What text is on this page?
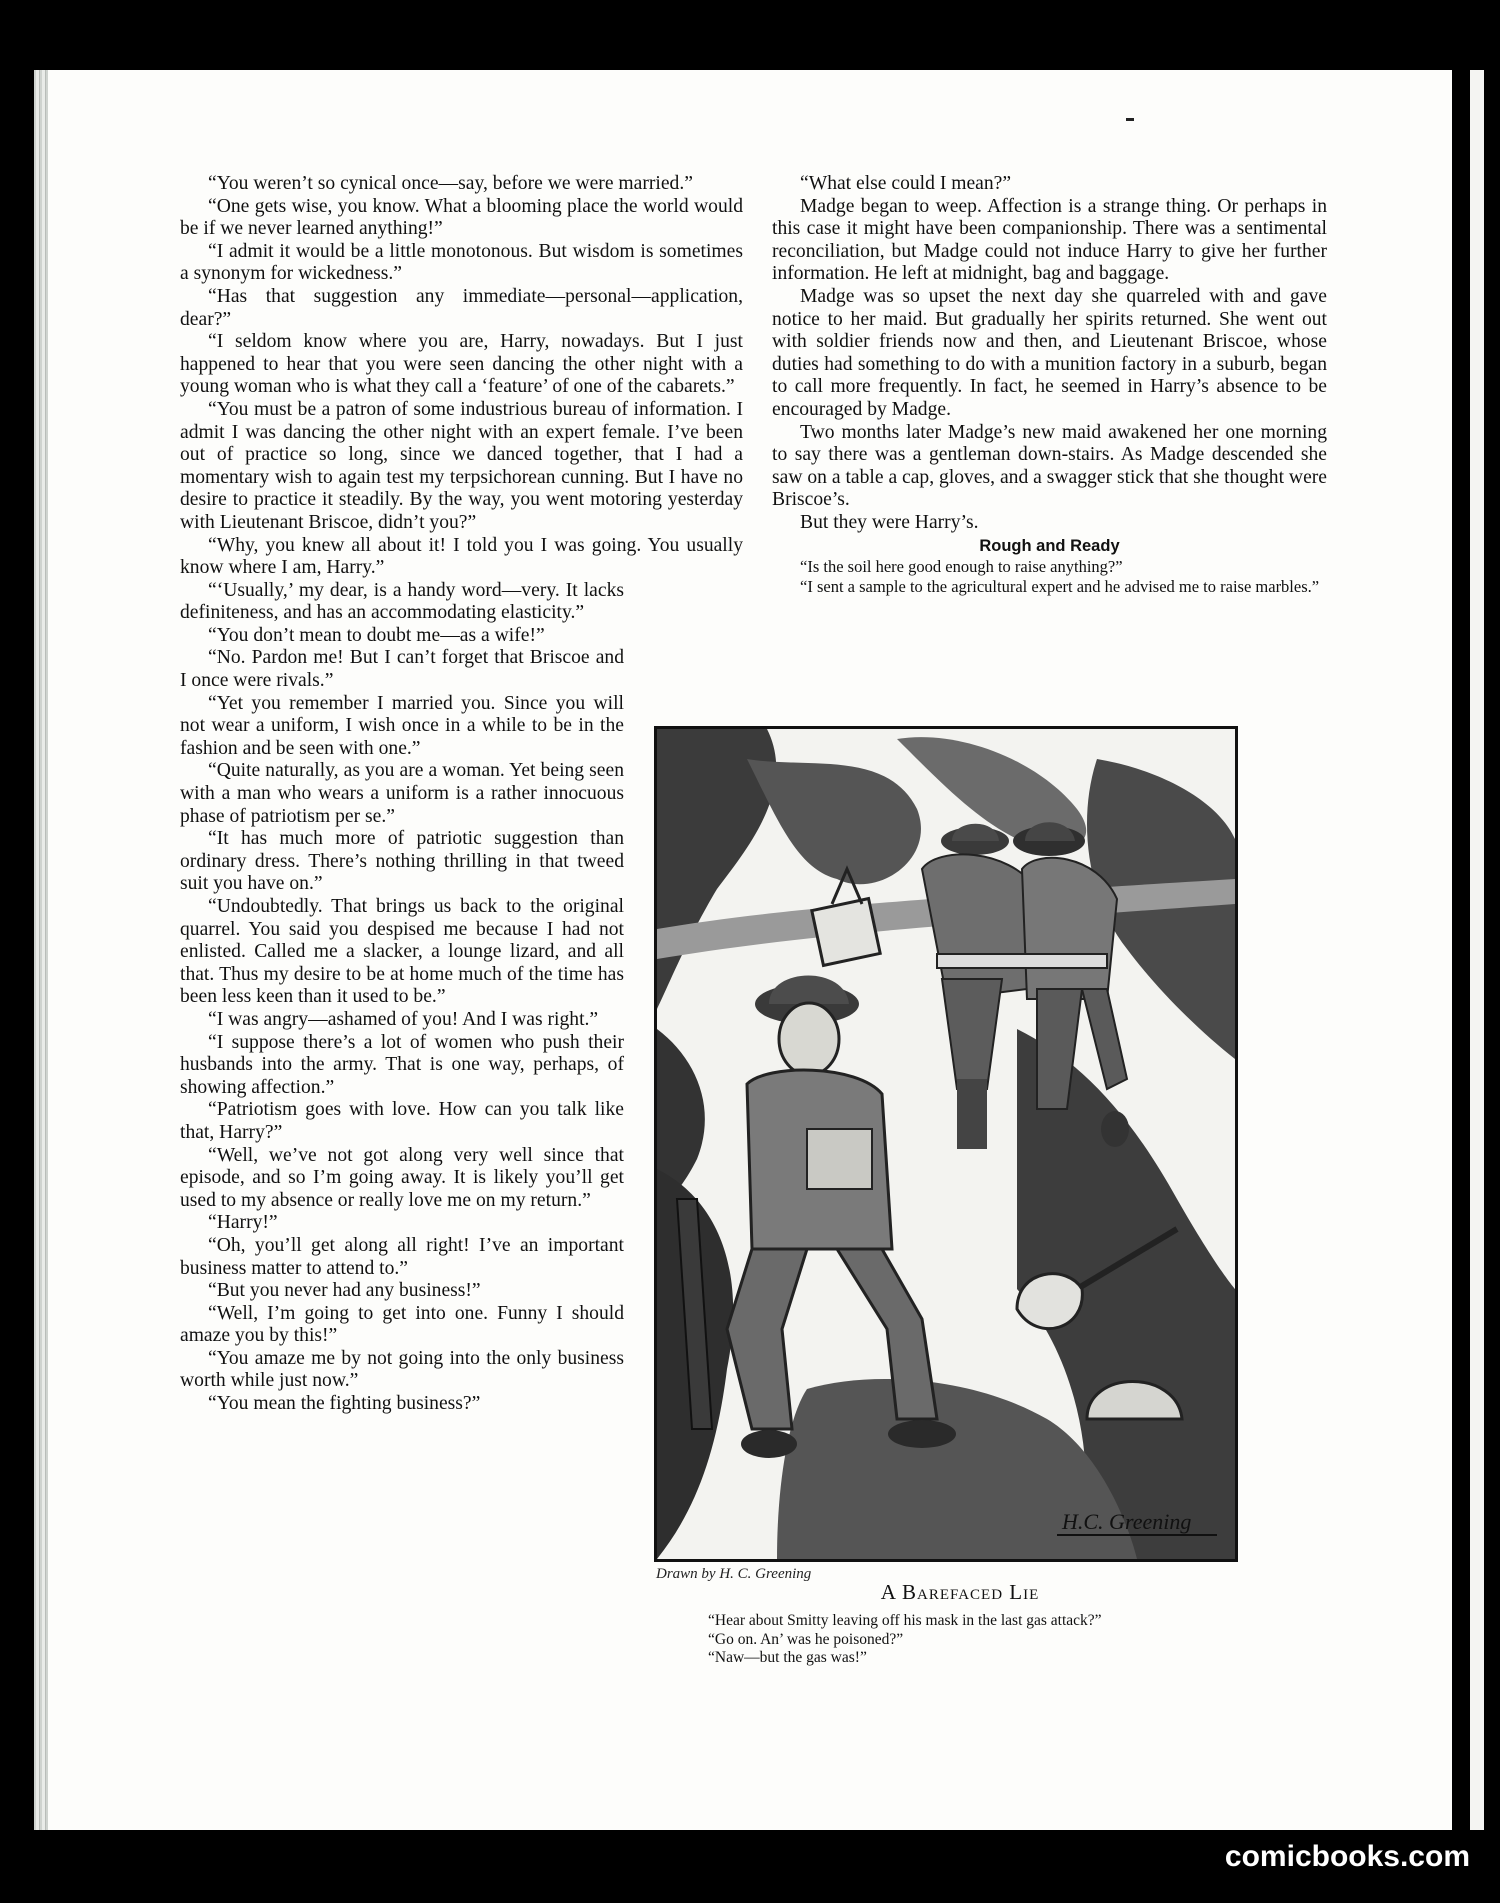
“You weren’t so cynical once—say, before we were married.”

“One gets wise, you know. What a blooming place the world would be if we never learned anything!”

“I admit it would be a little monotonous. But wisdom is sometimes a synonym for wickedness.”

“Has that suggestion any immediate—personal—application, dear?”

“I seldom know where you are, Harry, nowadays. But I just happened to hear that you were seen dancing the other night with a young woman who is what they call a ‘feature’ of one of the cabarets.”

“You must be a patron of some industrious bureau of information. I admit I was dancing the other night with an expert female. I’ve been out of practice so long, since we danced together, that I had a momentary wish to again test my terpsichorean cunning. But I have no desire to practice it steadily. By the way, you went motoring yesterday with Lieutenant Briscoe, didn’t you?”

“Why, you knew all about it! I told you I was going. You usually know where I am, Harry.”

“‘Usually,’ my dear, is a handy word—very. It lacks definiteness, and has an accommodating elasticity.”

“You don’t mean to doubt me—as a wife!”

“No. Pardon me! But I can’t forget that Briscoe and I once were rivals.”

“Yet you remember I married you. Since you will not wear a uniform, I wish once in a while to be in the fashion and be seen with one.”

“Quite naturally, as you are a woman. Yet being seen with a man who wears a uniform is a rather innocuous phase of patriotism per se.”

“It has much more of patriotic suggestion than ordinary dress. There’s nothing thrilling in that tweed suit you have on.”

“Undoubtedly. That brings us back to the original quarrel. You said you despised me because I had not enlisted. Called me a slacker, a lounge lizard, and all that. Thus my desire to be at home much of the time has been less keen than it used to be.”

“I was angry—ashamed of you! And I was right.”

“I suppose there’s a lot of women who push their husbands into the army. That is one way, perhaps, of showing affection.”

“Patriotism goes with love. How can you talk like that, Harry?”

“Well, we’ve not got along very well since that episode, and so I’m going away. It is likely you’ll get used to my absence or really love me on my return.”

“Harry!”

“Oh, you’ll get along all right! I’ve an important business matter to attend to.”

“But you never had any business!”

“Well, I’m going to get into one. Funny I should amaze you by this!”

“You amaze me by not going into the only business worth while just now.”

“You mean the fighting business?”

“What else could I mean?”

Madge began to weep. Affection is a strange thing. Or perhaps in this case it might have been companionship. There was a sentimental reconciliation, but Madge could not induce Harry to give her further information. He left at midnight, bag and baggage.

Madge was so upset the next day she quarreled with and gave notice to her maid. But gradually her spirits returned. She went out with soldier friends now and then, and Lieutenant Briscoe, whose duties had something to do with a munition factory in a suburb, began to call more frequently. In fact, he seemed in Harry’s absence to be encouraged by Madge.

Two months later Madge’s new maid awakened her one morning to say there was a gentleman down-stairs. As Madge descended she saw on a table a cap, gloves, and a swagger stick that she thought were Briscoe’s.

But they were Harry’s.

Rough and Ready

“Is the soil here good enough to raise anything?”

“I sent a sample to the agricultural expert and he advised me to raise marbles.”

H.C. Greening
Drawn by H. C. Greening
A Barefaced Lie
“Hear about Smitty leaving off his mask in the last gas attack?”
“Go on. An’ was he poisoned?”
“Naw—but the gas was!”
comicbooks.com
